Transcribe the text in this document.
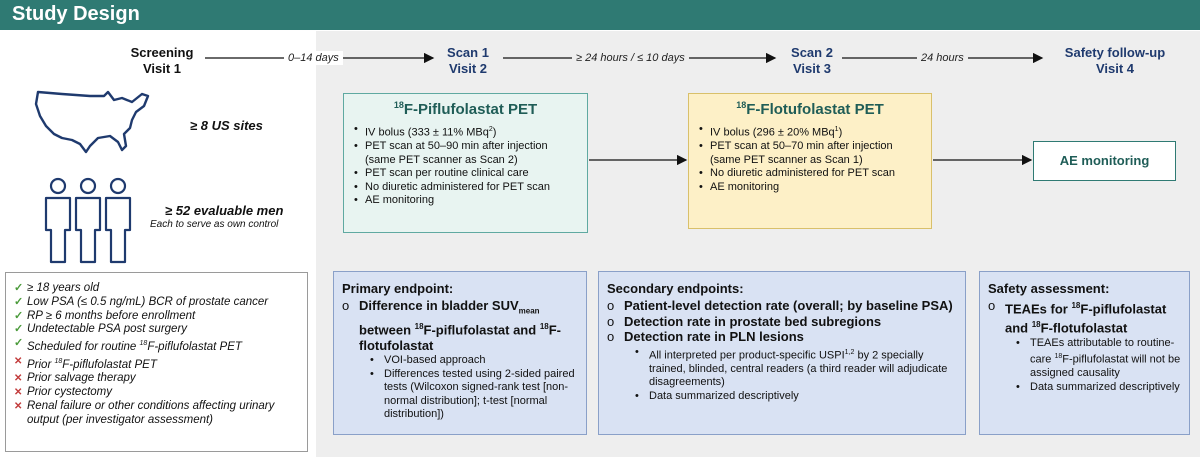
Study Design
Screening
Visit 1
Scan 1
Visit 2
Scan 2
Visit 3
Safety follow-up
Visit 4
0–14 days	≥ 24 hours / ≤ 10 days	24 hours
≥ 8 US sites
≥ 52 evaluable men
Each to serve as own control
$^{18}$F-Piflufolastat PET
• IV bolus (333 ± 11% MBq$^2$)
• PET scan at 50–90 min after injection (same PET scanner as Scan 2)
• PET scan per routine clinical care
• No diuretic administered for PET scan
• AE monitoring
$^{18}$F-Flotufolastat PET
• IV bolus (296 ± 20% MBq$^1$)
• PET scan at 50–70 min after injection (same PET scanner as Scan 1)
• No diuretic administered for PET scan
• AE monitoring
AE monitoring
✓ ≥ 18 years old
✓ Low PSA (≤ 0.5 ng/mL) BCR of prostate cancer
✓ RP ≥ 6 months before enrollment
✓ Undetectable PSA post surgery
✓ Scheduled for routine $^{18}$F-piflufolastat PET
✕ Prior $^{18}$F-piflufolastat PET
✕ Prior salvage therapy
✕ Prior cystectomy
✕ Renal failure or other conditions affecting urinary output (per investigator assessment)
Primary endpoint:
o Difference in bladder $SUV_{mean}$ between $^{18}$F-piflufolastat and $^{18}$F-flotufolastat
• VOI-based approach
• Differences tested using 2-sided paired tests (Wilcoxon signed-rank test [non-normal distribution]; t-test [normal distribution])
Secondary endpoints:
o Patient-level detection rate (overall; by baseline PSA)
o Detection rate in prostate bed subregions
o Detection rate in PLN lesions
• All interpreted per product-specific USPI$^{1,2}$ by 2 specially trained, blinded, central readers (a third reader will adjudicate disagreements)
• Data summarized descriptively
Safety assessment:
o TEAEs for $^{18}$F-piflufolastat and $^{18}$F-flotufolastat
• TEAEs attributable to routine-care $^{18}$F-piflufolastat will not be assigned causality
• Data summarized descriptively
